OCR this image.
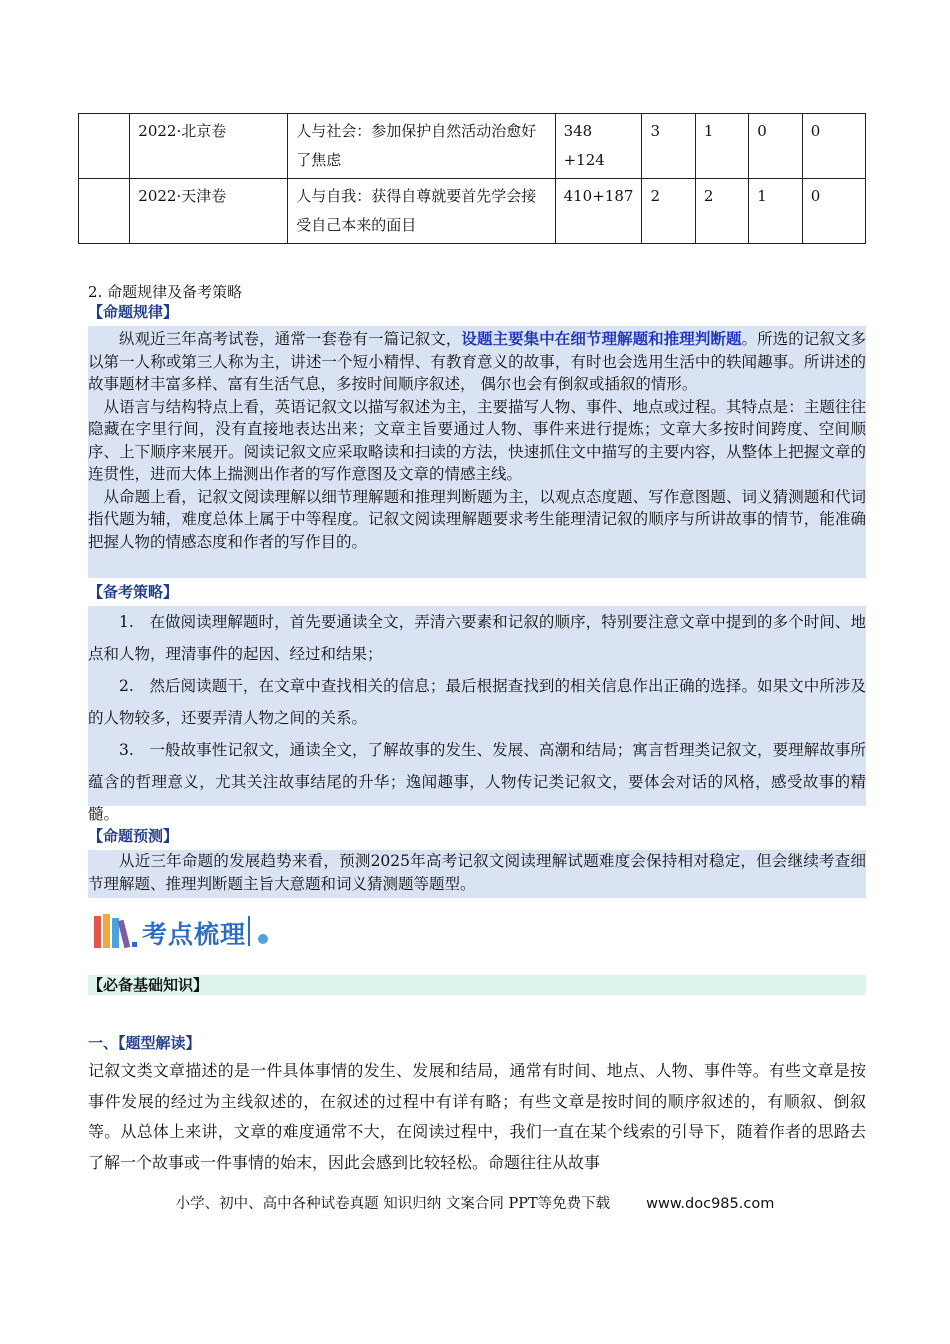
	2022·北京卷	人与社会：参加保护自然活动治愈好了焦虑	348 +124	3	1	0	0
	2022·天津卷	人与自我：获得自尊就要首先学会接受自己本来的面目	410+187	2	2	1	0
2. 命题规律及备考策略
【命题规律】

纵观近三年高考试卷，通常一套卷有一篇记叙文，设题主要集中在细节理解题和推理判断题。所选的记叙文多以第一人称或第三人称为主，讲述一个短小精悍、有教育意义的故事，有时也会选用生活中的轶闻趣事。所讲述的故事题材丰富多样、富有生活气息，多按时间顺序叙述， 偶尔也会有倒叙或插叙的情形。

从语言与结构特点上看，英语记叙文以描写叙述为主，主要描写人物、事件、地点或过程。其特点是：主题往往隐藏在字里行间，没有直接地表达出来；文章主旨要通过人物、事件来进行提炼；文章大多按时间跨度、空间顺序、上下顺序来展开。阅读记叙文应采取略读和扫读的方法，快速抓住文中描写的主要内容，从整体上把握文章的连贯性，进而大体上揣测出作者的写作意图及文章的情感主线。

从命题上看，记叙文阅读理解以细节理解题和推理判断题为主，以观点态度题、写作意图题、词义猜测题和代词指代题为辅，难度总体上属于中等程度。记叙文阅读理解题要求考生能理清记叙的顺序与所讲故事的情节，能准确把握人物的情感态度和作者的写作目的。

【备考策略】

1.　在做阅读理解题时，首先要通读全文，弄清六要素和记叙的顺序，特别要注意文章中提到的多个时间、地点和人物，理清事件的起因、经过和结果；

2.　然后阅读题干，在文章中查找相关的信息；最后根据查找到的相关信息作出正确的选择。如果文中所涉及的人物较多，还要弄清人物之间的关系。

3.　一般故事性记叙文，通读全文，了解故事的发生、发展、高潮和结局；寓言哲理类记叙文，要理解故事所蕴含的哲理意义，尤其关注故事结尾的升华；逸闻趣事，人物传记类记叙文，要体会对话的风格，感受故事的精髓。

【命题预测】

从近三年命题的发展趋势来看，预测2025年高考记叙文阅读理解试题难度会保持相对稳定，但会继续考查细节理解题、推理判断题主旨大意题和词义猜测题等题型。

考点梳理
【必备基础知识】
一、【题型解读】

记叙文类文章描述的是一件具体事情的发生、发展和结局，通常有时间、地点、人物、事件等。有些文章是按事件发展的经过为主线叙述的，在叙述的过程中有详有略；有些文章是按时间的顺序叙述的，有顺叙、倒叙等。从总体上来讲，文章的难度通常不大，在阅读过程中，我们一直在某个线索的引导下，随着作者的思路去了解一个故事或一件事情的始末，因此会感到比较轻松。命题往往从故事

小学、初中、高中各种试卷真题 知识归纳 文案合同 PPT等免费下载 www.doc985.com
